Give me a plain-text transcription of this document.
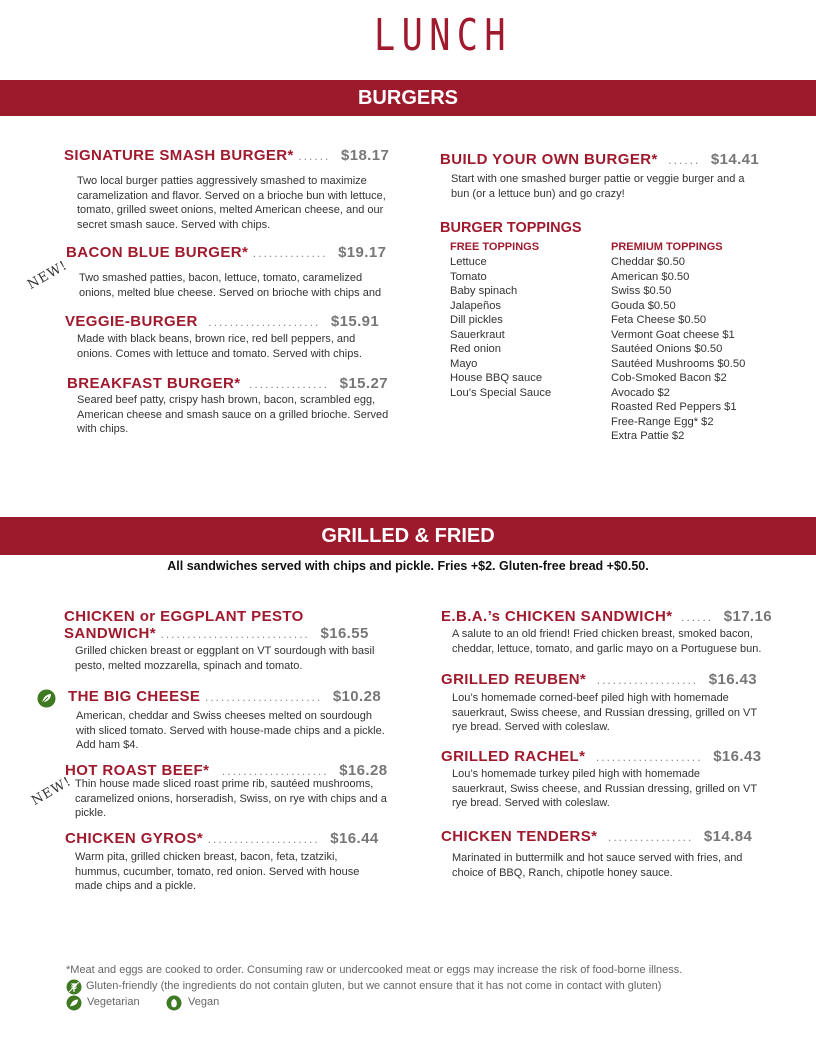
LUNCH
BURGERS
SIGNATURE SMASH BURGER* ...... $18.17
Two local burger patties aggressively smashed to maximize caramelization and flavor. Served on a brioche bun with lettuce, tomato, grilled sweet onions, melted American cheese, and our secret smash sauce. Served with chips.
BACON BLUE BURGER* .............. $19.17
NEW! Two smashed patties, bacon, lettuce, tomato, caramelized onions, melted blue cheese. Served on brioche with chips and
VEGGIE-BURGER ..................... $15.91
Made with black beans, brown rice, red bell peppers, and onions. Comes with lettuce and tomato. Served with chips.
BREAKFAST BURGER* ............... $15.27
Seared beef patty, crispy hash brown, bacon, scrambled egg, American cheese and smash sauce on a grilled brioche. Served with chips.
BUILD YOUR OWN BURGER* ...... $14.41
Start with one smashed burger pattie or veggie burger and a bun (or a lettuce bun) and go crazy!
BURGER TOPPINGS
FREE TOPPINGS
Lettuce
Tomato
Baby spinach
Jalapeños
Dill pickles
Sauerkraut
Red onion
Mayo
House BBQ sauce
Lou’s Special Sauce
PREMIUM TOPPINGS
Cheddar $0.50
American $0.50
Swiss $0.50
Gouda $0.50
Feta Cheese $0.50
Vermont Goat cheese $1
Sautéed Onions $0.50
Sautéed Mushrooms $0.50
Cob-Smoked Bacon $2
Avocado $2
Roasted Red Peppers $1
Free-Range Egg* $2
Extra Pattie $2
GRILLED & FRIED
All sandwiches served with chips and pickle. Fries +$2. Gluten-free bread +$0.50.
CHICKEN or EGGPLANT PESTO
SANDWICH* ............................ $16.55
Grilled chicken breast or eggplant on VT sourdough with basil pesto, melted mozzarella, spinach and tomato.
THE BIG CHEESE ...................... $10.28
American, cheddar and Swiss cheeses melted on sourdough with sliced tomato. Served with house-made chips and a pickle. Add ham $4.
NEW!
HOT ROAST BEEF* .................... $16.28
Thin house made sliced roast prime rib, sautéed mushrooms, caramelized onions, horseradish, Swiss, on rye with chips and a pickle.
CHICKEN GYROS* ..................... $16.44
Warm pita, grilled chicken breast, bacon, feta, tzatziki, hummus, cucumber, tomato, red onion. Served with house made chips and a pickle.
E.B.A.’s CHICKEN SANDWICH* ...... $17.16
A salute to an old friend! Fried chicken breast, smoked bacon, cheddar, lettuce, tomato, and garlic mayo on a Portuguese bun.
GRILLED REUBEN* ................... $16.43
Lou’s homemade corned-beef piled high with homemade sauerkraut, Swiss cheese, and Russian dressing, grilled on VT rye bread. Served with coleslaw.
GRILLED RACHEL* .................... $16.43
Lou’s homemade turkey piled high with homemade sauerkraut, Swiss cheese, and Russian dressing, grilled on VT rye bread. Served with coleslaw.
CHICKEN TENDERS* ................ $14.84
Marinated in buttermilk and hot sauce served with fries, and choice of BBQ, Ranch, chipotle honey sauce.
*Meat and eggs are cooked to order. Consuming raw or undercooked meat or eggs may increase the risk of food-borne illness.
Gluten-friendly (the ingredients do not contain gluten, but we cannot ensure that it has not come in contact with gluten)
Vegetarian	Vegan
